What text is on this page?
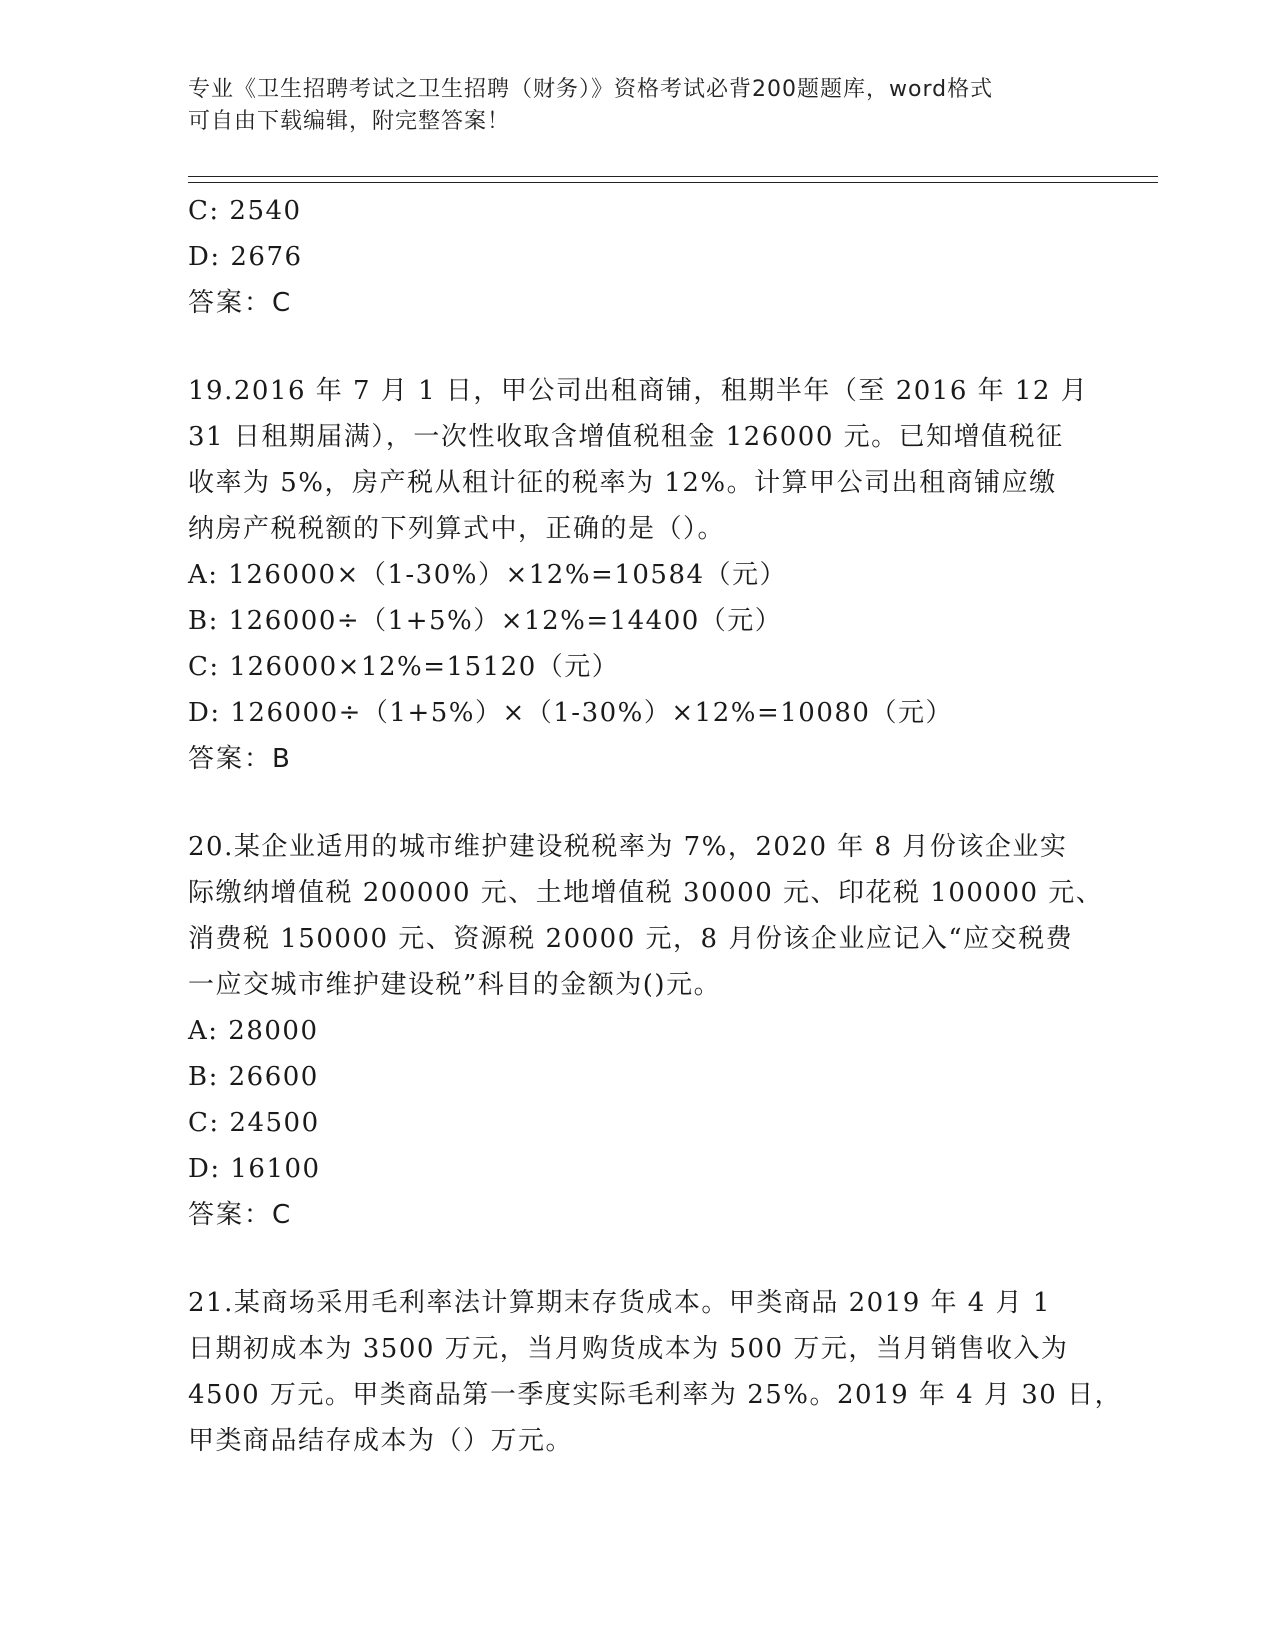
专业《卫生招聘考试之卫生招聘（财务）》资格考试必背200题题库，word格式
可自由下载编辑，附完整答案！
C: 2540
D: 2676
答案：C
19.2016 年 7 月 1 日，甲公司出租商铺，租期半年（至 2016 年 12 月
31 日租期届满），一次性收取含增值税租金 126000 元。已知增值税征
收率为 5%，房产税从租计征的税率为 12%。计算甲公司出租商铺应缴
纳房产税税额的下列算式中，正确的是（）。
A: 126000×（1-30%）×12%=10584（元）
B: 126000÷（1+5%）×12%=14400（元）
C: 126000×12%=15120（元）
D: 126000÷（1+5%）×（1-30%）×12%=10080（元）
答案：B
20.某企业适用的城市维护建设税税率为 7%，2020 年 8 月份该企业实
际缴纳增值税 200000 元、土地增值税 30000 元、印花税 100000 元、
消费税 150000 元、资源税 20000 元，8 月份该企业应记入“应交税费
一应交城市维护建设税”科目的金额为()元。
A: 28000
B: 26600
C: 24500
D: 16100
答案：C
21.某商场采用毛利率法计算期末存货成本。甲类商品 2019 年 4 月 1
日期初成本为 3500 万元，当月购货成本为 500 万元，当月销售收入为
4500 万元。甲类商品第一季度实际毛利率为 25%。2019 年 4 月 30 日，
甲类商品结存成本为（）万元。
